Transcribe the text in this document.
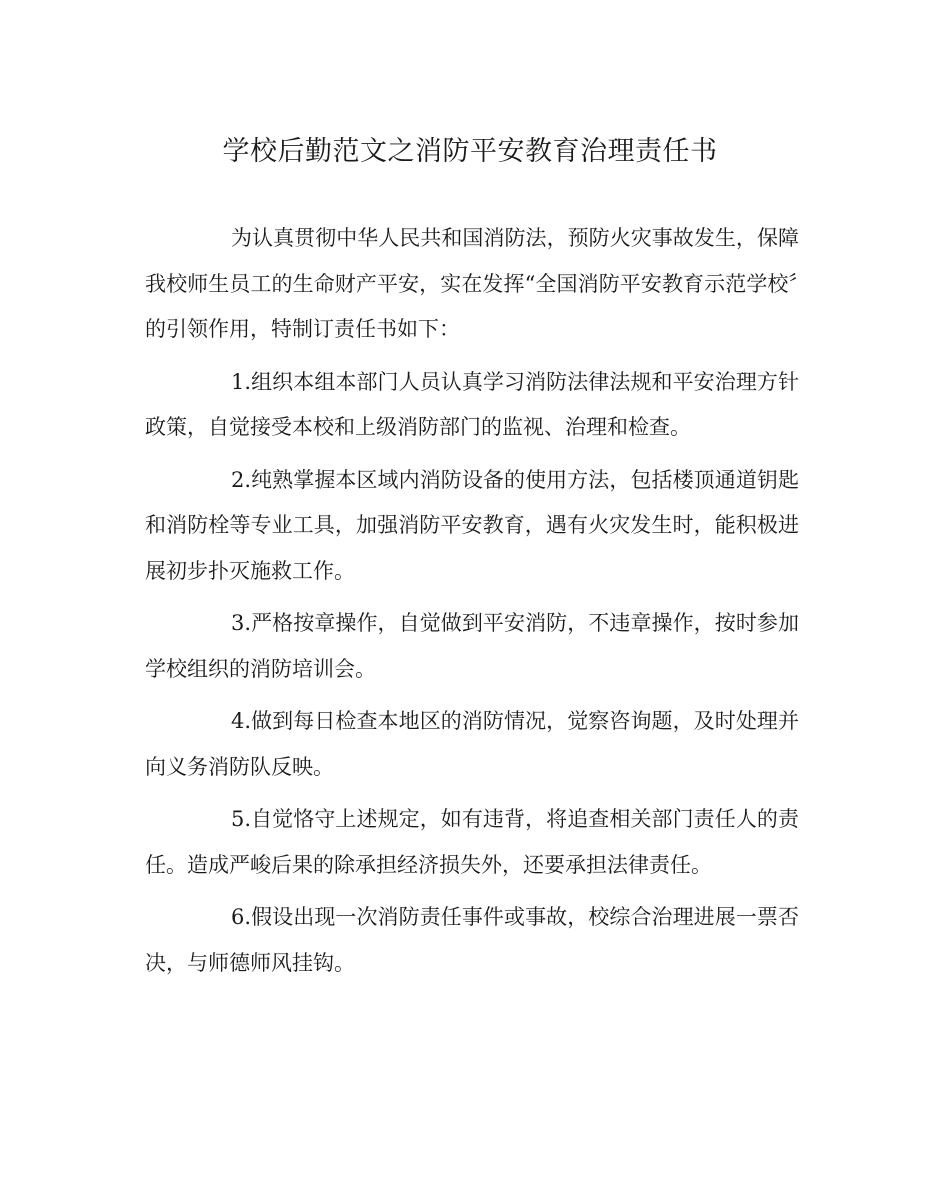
学校后勤范文之消防平安教育治理责任书

为认真贯彻中华人民共和国消防法，预防火灾事故发生，保障我校师生员工的生命财产平安，实在发挥“全国消防平安教育示范学校〞的引领作用，特制订责任书如下：

1.组织本组本部门人员认真学习消防法律法规和平安治理方针政策，自觉接受本校和上级消防部门的监视、治理和检查。

2.纯熟掌握本区域内消防设备的使用方法，包括楼顶通道钥匙和消防栓等专业工具，加强消防平安教育，遇有火灾发生时，能积极进展初步扑灭施救工作。

3.严格按章操作，自觉做到平安消防，不违章操作，按时参加学校组织的消防培训会。

4.做到每日检查本地区的消防情况，觉察咨询题，及时处理并向义务消防队反映。

5.自觉恪守上述规定，如有违背，将追查相关部门责任人的责任。造成严峻后果的除承担经济损失外，还要承担法律责任。

6.假设出现一次消防责任事件或事故，校综合治理进展一票否决，与师德师风挂钩。
